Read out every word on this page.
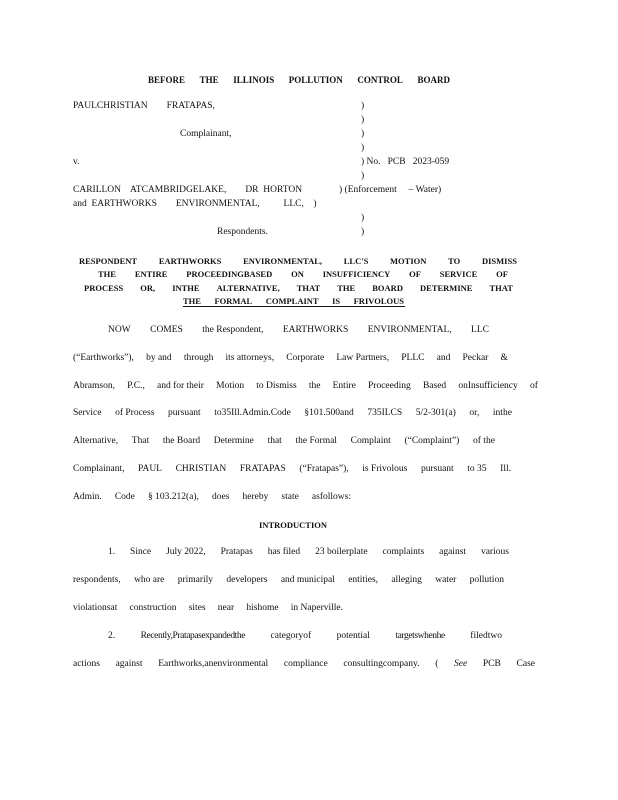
BEFORE THE ILLINOIS POLLUTION CONTROL BOARD
PAULCHRISTIAN        FRATAPAS,	)
)
Complainant,	)
)
v.	) No.   PCB   2023-059
)
CARILLON    ATCAMBRIDGELAKE,        DR  HORTON	) (Enforcement     – Water)
and  EARTHWORKS        ENVIRONMENTAL,          LLC,    )
)
Respondents.	)
RESPONDENT	EARTHWORKS	ENVIRONMENTAL,	LLC'S	MOTION	TO	DISMISS
THE ENTIRE PROCEEDINGBASED ON INSUFFICIENCY OF SERVICE OF
PROCESS OR, INTHE ALTERNATIVE, THAT THE BOARD DETERMINE THAT
THE FORMAL COMPLAINT IS FRIVOLOUS
NOW COMES the Respondent, EARTHWORKS ENVIRONMENTAL, LLC
(“Earthworks”), by and through its attorneys, Corporate Law Partners, PLLC and Peckar &
Abramson, P.C., and for their Motion to Dismiss the Entire Proceeding Based onInsufficiency of
Service of Process pursuant to35Ill.Admin.Code §101.500and 735ILCS 5/2-301(a) or, inthe
Alternative, That the Board Determine that the Formal Complaint (“Complaint”) of the
Complainant, PAUL CHRISTIAN FRATAPAS (“Fratapas”), is Frivolous pursuant to 35 Ill.
Admin. Code § 103.212(a), does hereby state asfollows:
INTRODUCTION
1. Since July 2022, Pratapas has filed 23 boilerplate complaints against various
respondents, who are primarily developers and municipal entities, alleging water pollution
violationsat construction sites near hishome in Naperville.
2.	Recently,Pratapasexpandedthe	categoryof	potential	targetswhenhe	filedtwo
actions against Earthworks,anenvironmental compliance consultingcompany. ( See PCB Case
